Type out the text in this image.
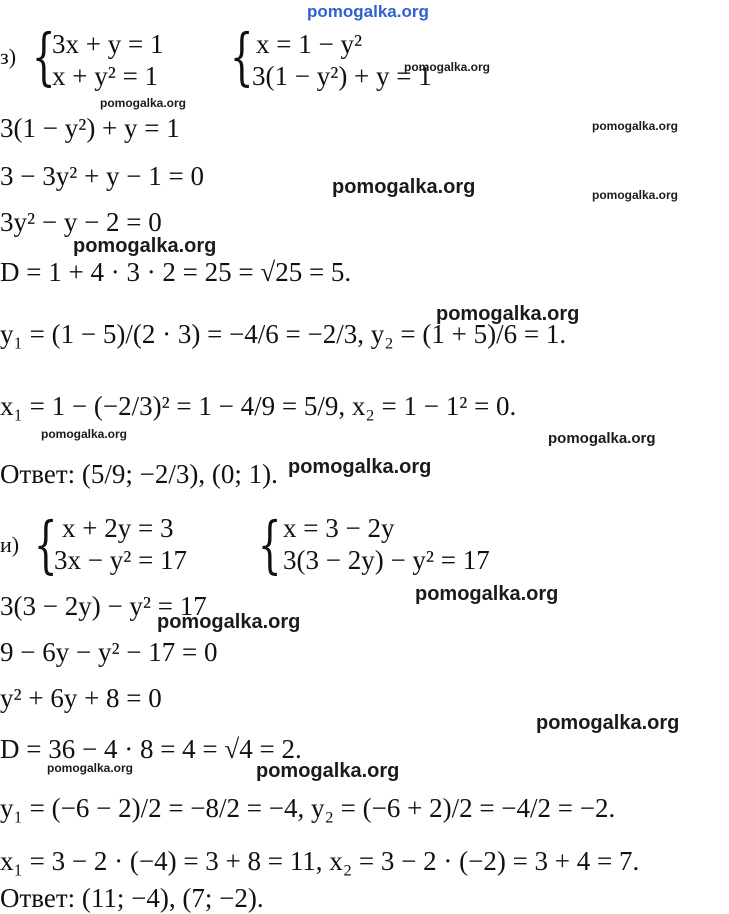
pomogalka.org
з) {
3x + y = 1
x + y² = 1 { x = 1 − y²
3(1 − y²) + y = 1
3(1 − y²) + y = 1
3 − 3y² + y − 1 = 0
3y² − y − 2 = 0
D = 1 + 4 · 3 · 2 = 25 = √25 = 5.
y₁ = (1 − 5)/(2 · 3) = −4/6 = −2/3, y₂ = (1 + 5)/6 = 1.
x₁ = 1 − (−2/3)² = 1 − 4/9 = 5/9, x₂ = 1 − 1² = 0.
Ответ: (5/9; −2/3), (0; 1).
и) { x + 2y = 3
3x − y² = 17 { x = 3 − 2y
3(3 − 2y) − y² = 17
3(3 − 2y) − y² = 17
9 − 6y − y² − 17 = 0
y² + 6y + 8 = 0
D = 36 − 4 · 8 = 4 = √4 = 2.
y₁ = (−6 − 2)/2 = −8/2 = −4, y₂ = (−6 + 2)/2 = −4/2 = −2.
x₁ = 3 − 2 · (−4) = 3 + 8 = 11, x₂ = 3 − 2 · (−2) = 3 + 4 = 7.
Ответ: (11; −4), (7; −2).
pomogalka.org
pomogalka.org
pomogalka.org
pomogalka.org	pomogalka.org
pomogalka.org
pomogalka.org
pomogalka.org	pomogalka.org
pomogalka.org
pomogalka.org
pomogalka.org
pomogalka.org
pomogalka.org	pomogalka.org
